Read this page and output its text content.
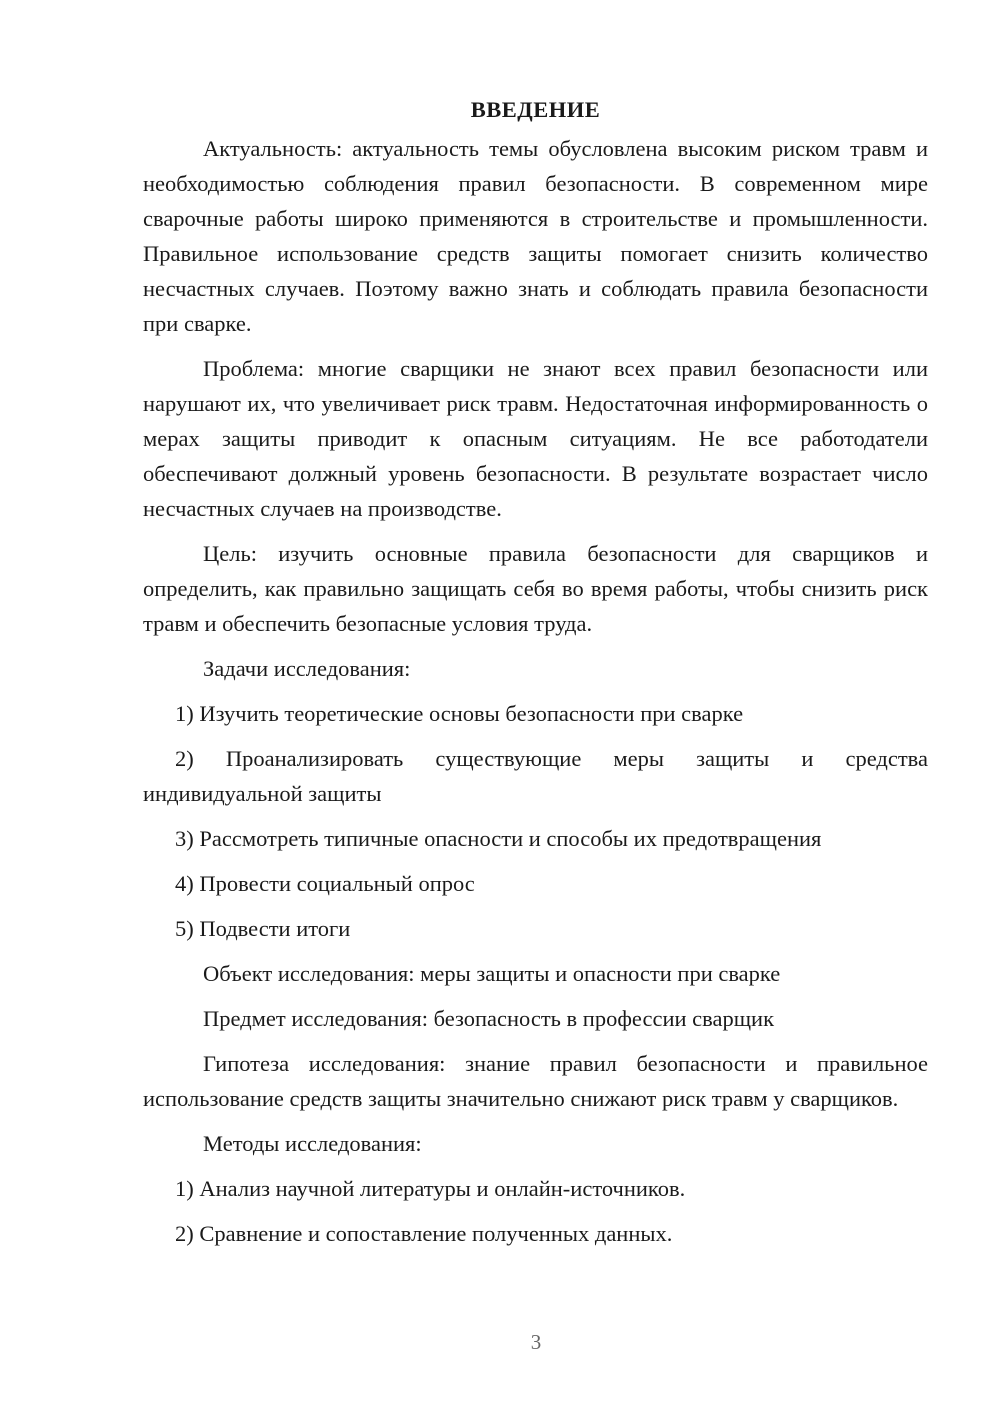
ВВЕДЕНИЕ

Актуальность: актуальность темы обусловлена высоким риском травм и необходимостью соблюдения правил безопасности. В современном мире сварочные работы широко применяются в строительстве и промышленности. Правильное использование средств защиты помогает снизить количество несчастных случаев. Поэтому важно знать и соблюдать правила безопасности при сварке.

Проблема: многие сварщики не знают всех правил безопасности или нарушают их, что увеличивает риск травм. Недостаточная информированность о мерах защиты приводит к опасным ситуациям. Не все работодатели обеспечивают должный уровень безопасности. В результате возрастает число несчастных случаев на производстве.

Цель: изучить основные правила безопасности для сварщиков и определить, как правильно защищать себя во время работы, чтобы снизить риск травм и обеспечить безопасные условия труда.

Задачи исследования:

1) Изучить теоретические основы безопасности при сварке

2) Проанализировать существующие меры защиты и средства индивидуальной защиты

3) Рассмотреть типичные опасности и способы их предотвращения

4) Провести социальный опрос

5) Подвести итоги

Объект исследования: меры защиты и опасности при сварке

Предмет исследования: безопасность в профессии сварщик

Гипотеза исследования: знание правил безопасности и правильное использование средств защиты значительно снижают риск травм у сварщиков.

Методы исследования:

1) Анализ научной литературы и онлайн-источников.

2) Сравнение и сопоставление полученных данных.

3
